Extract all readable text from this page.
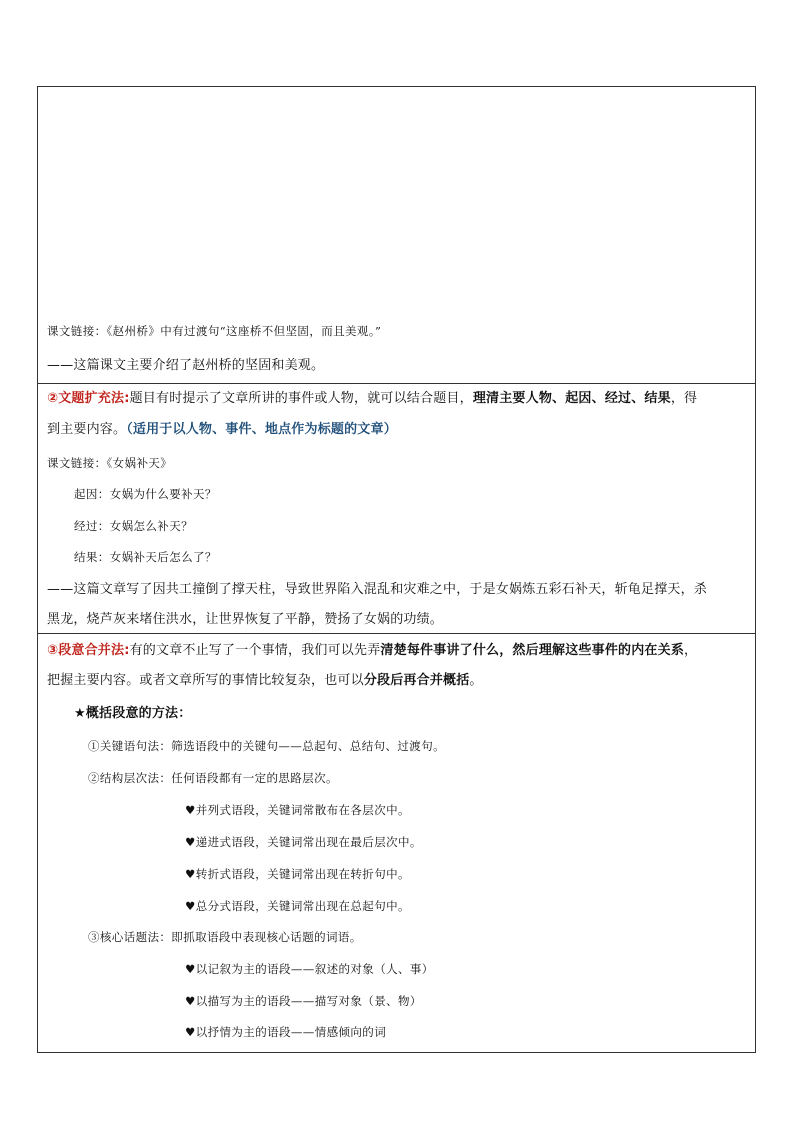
课文链接：《赵州桥》中有过渡句“这座桥不但坚固，而且美观。”
——这篇课文主要介绍了赵州桥的坚固和美观。
②文题扩充法:题目有时提示了文章所讲的事件或人物，就可以结合题目，理清主要人物、起因、经过、结果，得
到主要内容。（适用于以人物、事件、地点作为标题的文章）
课文链接：《女娲补天》
起因：女娲为什么要补天？
经过：女娲怎么补天？
结果：女娲补天后怎么了？
——这篇文章写了因共工撞倒了撑天柱，导致世界陷入混乱和灾难之中，于是女娲炼五彩石补天，斩龟足撑天，杀
黑龙，烧芦灰来堵住洪水，让世界恢复了平静，赞扬了女娲的功绩。
③段意合并法:有的文章不止写了一个事情，我们可以先弄清楚每件事讲了什么，然后理解这些事件的内在关系，
把握主要内容。或者文章所写的事情比较复杂，也可以分段后再合并概括。
★概括段意的方法：
①关键语句法：筛选语段中的关键句——总起句、总结句、过渡句。
②结构层次法：任何语段都有一定的思路层次。
♥并列式语段，关键词常散布在各层次中。
♥递进式语段，关键词常出现在最后层次中。
♥转折式语段，关键词常出现在转折句中。
♥总分式语段，关键词常出现在总起句中。
③核心话题法：即抓取语段中表现核心话题的词语。
♥以记叙为主的语段——叙述的对象（人、事）
♥以描写为主的语段——描写对象（景、物）
♥以抒情为主的语段——情感倾向的词
